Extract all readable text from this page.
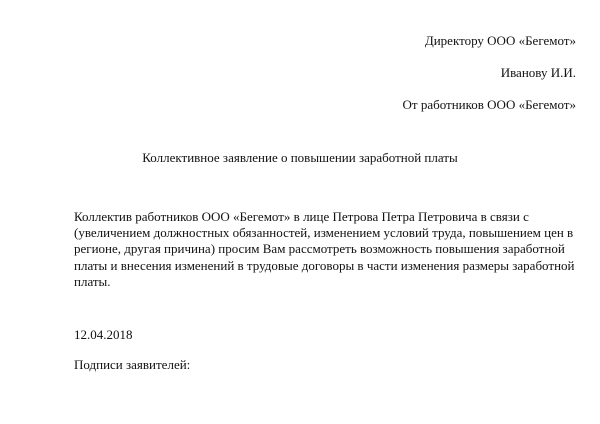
Директору ООО «Бегемот»
Иванову И.И.
От работников ООО «Бегемот»
Коллективное заявление о повышении заработной платы
Коллектив работников ООО «Бегемот» в лице Петрова Петра Петровича в связи с
(увеличением должностных обязанностей, изменением условий труда, повышением цен в
регионе, другая причина) просим Вам рассмотреть возможность повышения заработной
платы и внесения изменений в трудовые договоры в части изменения размеры заработной
платы.
12.04.2018
Подписи заявителей:
